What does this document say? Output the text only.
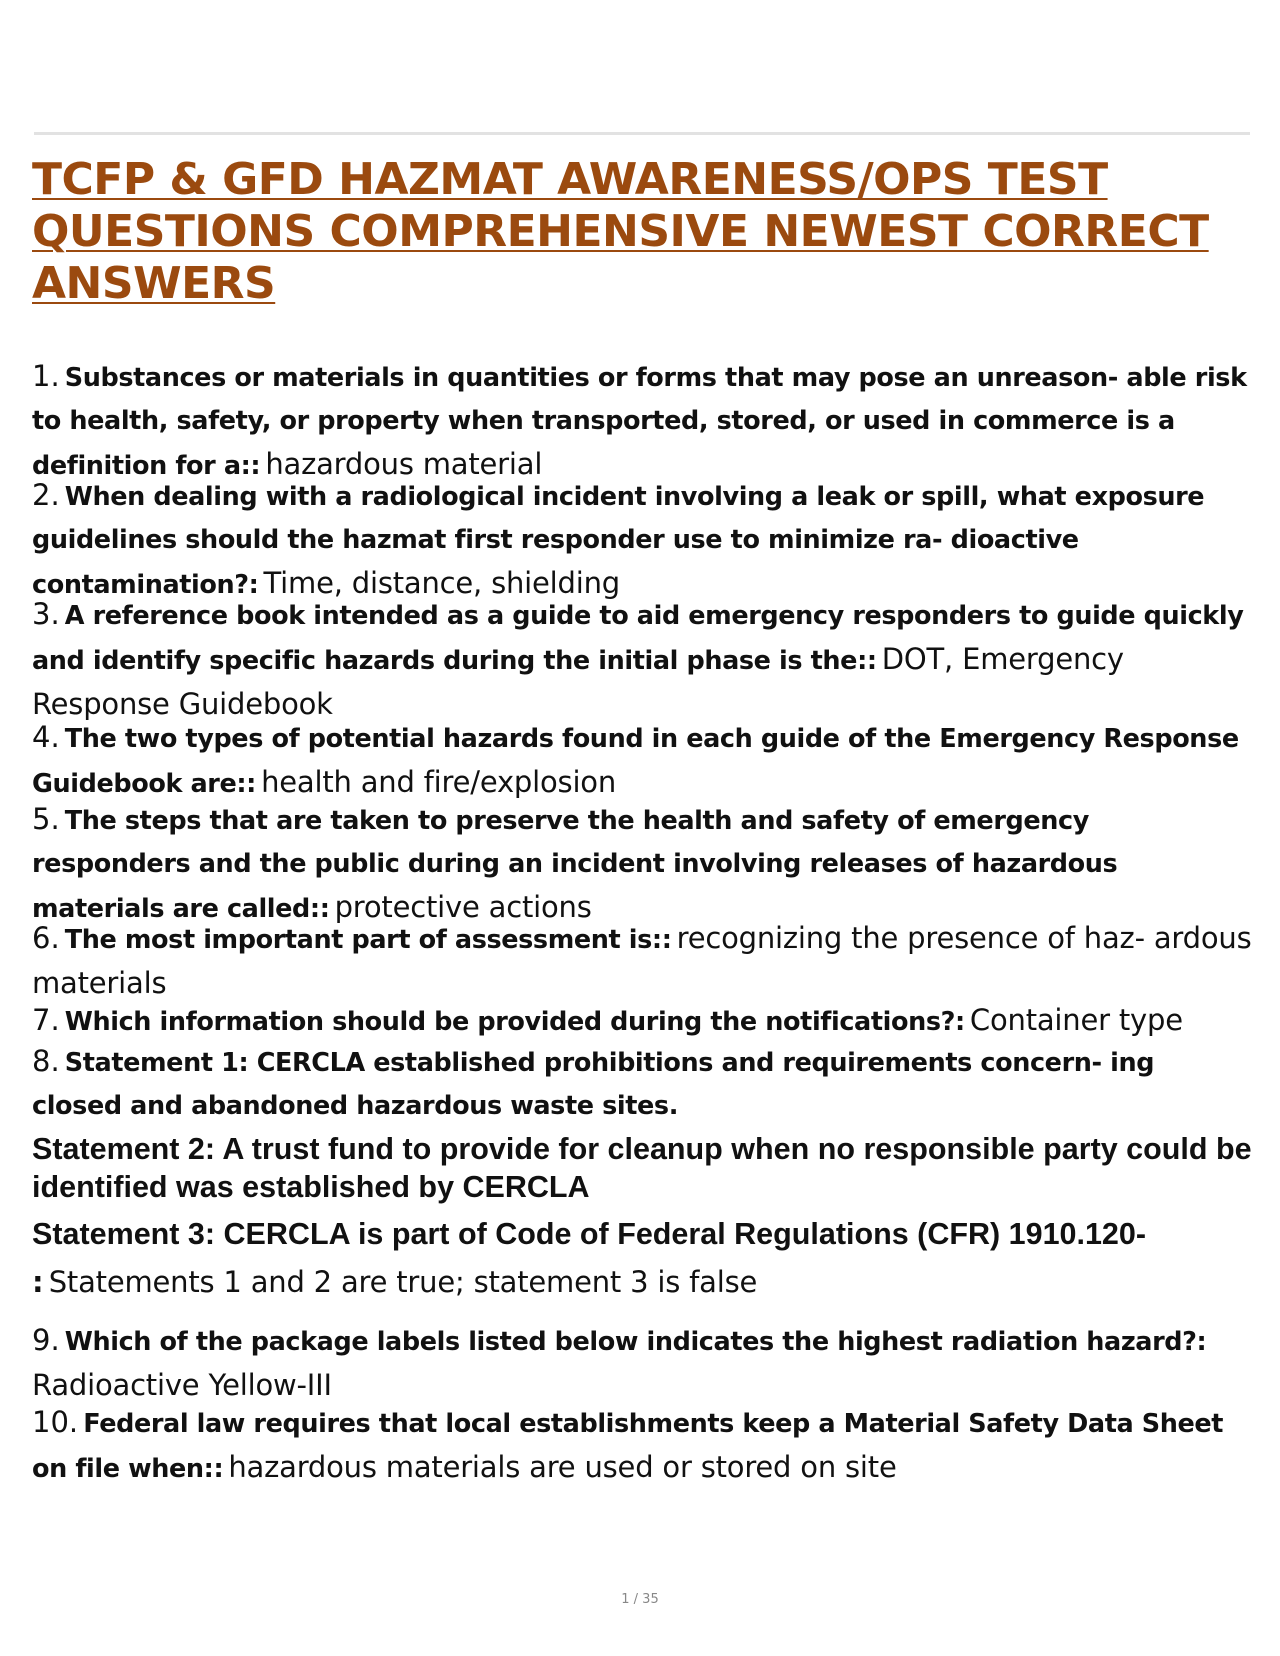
TCFP & GFD HAZMAT AWARENESS/OPS TEST QUESTIONS COMPREHENSIVE NEWEST CORRECT ANSWERS

1. Substances or materials in quantities or forms that may pose an unreason- able risk to health, safety, or property when transported, stored, or used in commerce is a definition for a:: hazardous material

2. When dealing with a radiological incident involving a leak or spill, what exposure guidelines should the hazmat first responder use to minimize ra- dioactive contamination?: Time, distance, shielding

3. A reference book intended as a guide to aid emergency responders to guide quickly and identify specific hazards during the initial phase is the:: DOT, Emergency Response Guidebook

4. The two types of potential hazards found in each guide of the Emergency Response Guidebook are:: health and fire/explosion

5. The steps that are taken to preserve the health and safety of emergency responders and the public during an incident involving releases of hazardous materials are called:: protective actions

6. The most important part of assessment is:: recognizing the presence of haz- ardous materials

7. Which information should be provided during the notifications?: Container type

8. Statement 1: CERCLA established prohibitions and requirements concern- ing closed and abandoned hazardous waste sites.

Statement 2: A trust fund to provide for cleanup when no responsible party could be identified was established by CERCLA

Statement 3: CERCLA is part of Code of Federal Regulations (CFR) 1910.120-

: Statements 1 and 2 are true; statement 3 is false

9. Which of the package labels listed below indicates the highest radiation hazard?: Radioactive Yellow-III

10. Federal law requires that local establishments keep a Material Safety Data Sheet on file when:: hazardous materials are used or stored on site

1 / 35
